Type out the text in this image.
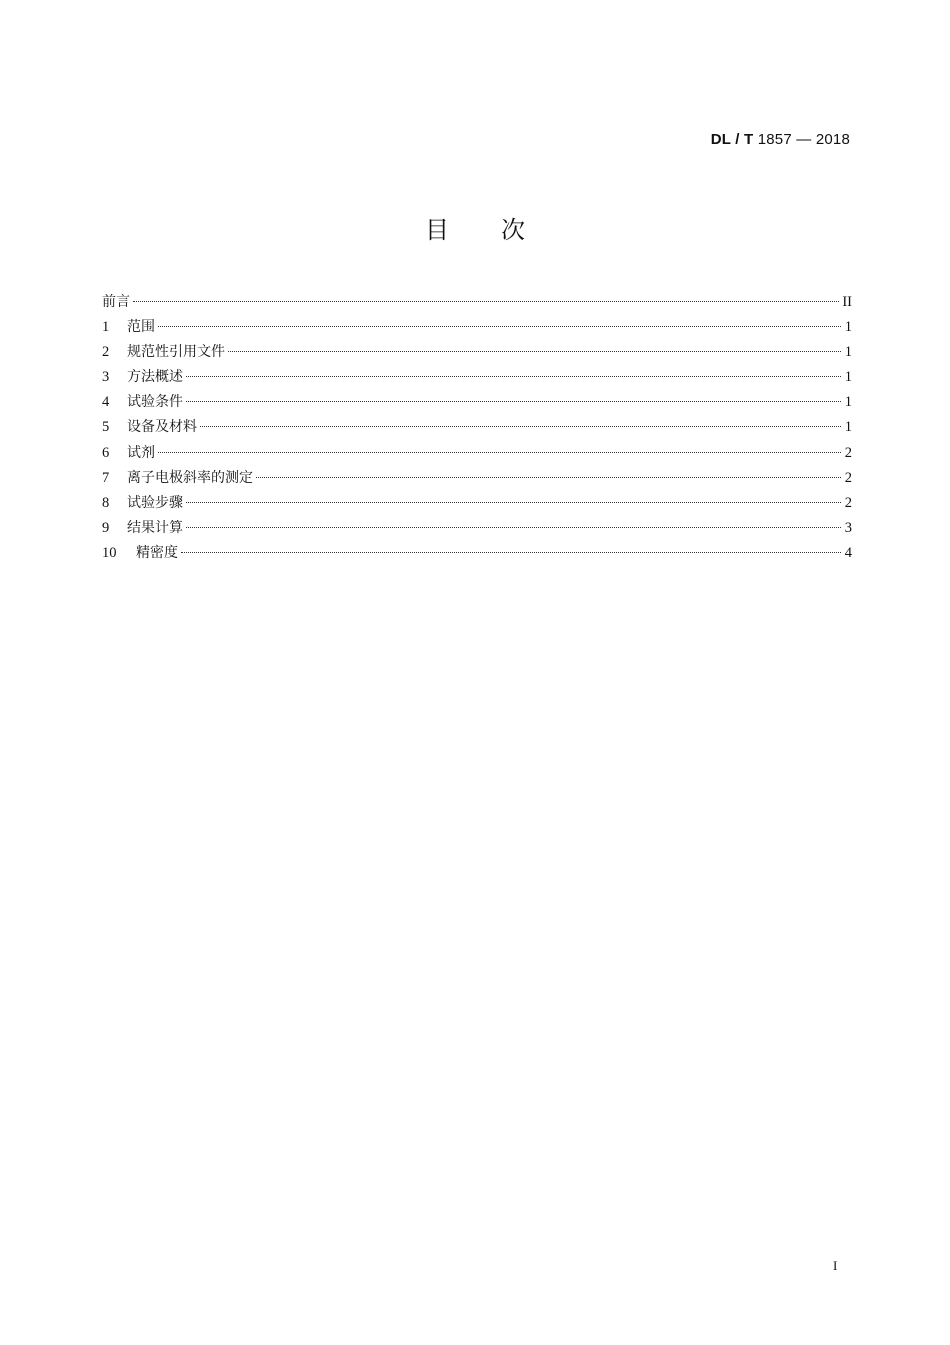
DL / T 1857 — 2018
目 次
前言	II
1	范围	1
2	规范性引用文件	1
3	方法概述	1
4	试验条件	1
5	设备及材料	1
6	试剂	2
7	离子电极斜率的测定	2
8	试验步骤	2
9	结果计算	3
10	精密度	4
I
